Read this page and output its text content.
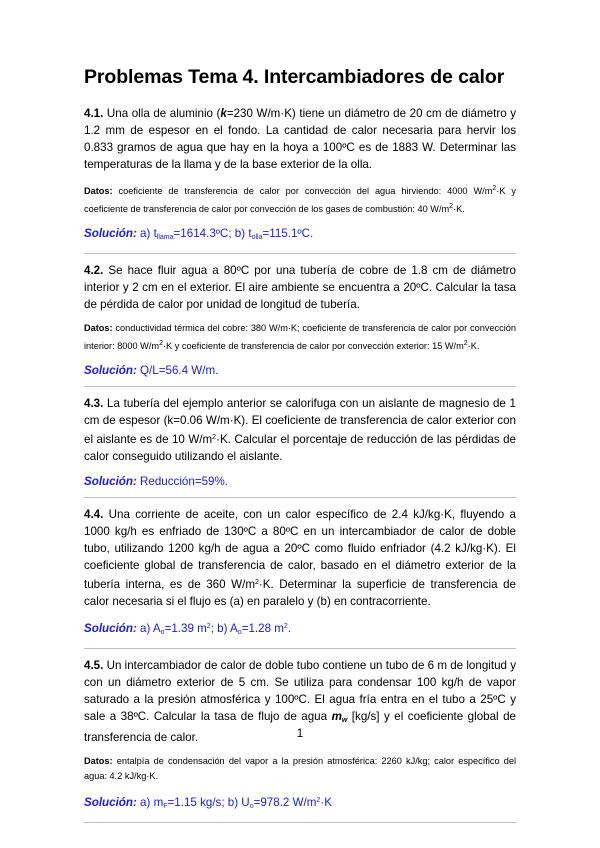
Problemas Tema 4. Intercambiadores de calor

4.1. Una olla de aluminio (k=230 W/m·K) tiene un diámetro de 20 cm de diámetro y 1.2 mm de espesor en el fondo. La cantidad de calor necesaria para hervir los 0.833 gramos de agua que hay en la hoya a 100ºC es de 1883 W. Determinar las temperaturas de la llama y de la base exterior de la olla.

Datos: coeficiente de transferencia de calor por convección del agua hirviendo: 4000 $W/m^2\cdot K$ y coeficiente de transferencia de calor por convección de los gases de combustión: 40 $W/m^2\cdot K$.

Solución: a) $t_{llama}=1614.3ºC$; b) $t_{olla}=115.1ºC$.

4.2. Se hace fluir agua a 80ºC por una tubería de cobre de 1.8 cm de diámetro interior y 2 cm en el exterior. El aire ambiente se encuentra a 20ºC. Calcular la tasa de pérdida de calor por unidad de longitud de tubería.

Datos: conductividad térmica del cobre: 380 W/m·K; coeficiente de transferencia de calor por convección interior: 8000 $W/m^2\cdot K$ y coeficiente de transferencia de calor por convección exterior: 15 $W/m^2\cdot K$.

Solución: Q/L=56.4 W/m.

4.3. La tubería del ejemplo anterior se calorifuga con un aislante de magnesio de 1 cm de espesor (k=0.06 W/m·K). El coeficiente de transferencia de calor exterior con el aislante es de 10 $W/m^2\cdot K$. Calcular el porcentaje de reducción de las pérdidas de calor conseguido utilizando el aislante.

Solución: Reducción=59%.

4.4. Una corriente de aceite, con un calor específico de 2.4 kJ/kg·K, fluyendo a 1000 kg/h es enfriado de 130ºC a 80ºC en un intercambiador de calor de doble tubo, utilizando 1200 kg/h de agua a 20ºC como fluido enfriador (4.2 kJ/kg·K). El coeficiente global de transferencia de calor, basado en el diámetro exterior de la tubería interna, es de 360 $W/m^2\cdot K$. Determinar la superficie de transferencia de calor necesaria si el flujo es (a) en paralelo y (b) en contracorriente.

Solución: a) $A_o=1.39$ $m^2$; b) $A_o=1.28$ $m^2$.

4.5. Un intercambiador de calor de doble tubo contiene un tubo de 6 m de longitud y con un diámetro exterior de 5 cm. Se utiliza para condensar 100 kg/h de vapor saturado a la presión atmosférica y 100ºC. El agua fría entra en el tubo a 25ºC y sale a 38ºC. Calcular la tasa de flujo de agua $m_w$ [kg/s] y el coeficiente global de transferencia de calor.

Datos: entalpía de condensación del vapor a la presión atmosférica: 2260 kJ/kg; calor específico del agua: 4.2 kJ/kg·K.

Solución: a) $m_F=1.15$ kg/s; b) $U_o=978.2$ $W/m^2\cdot K$

1
